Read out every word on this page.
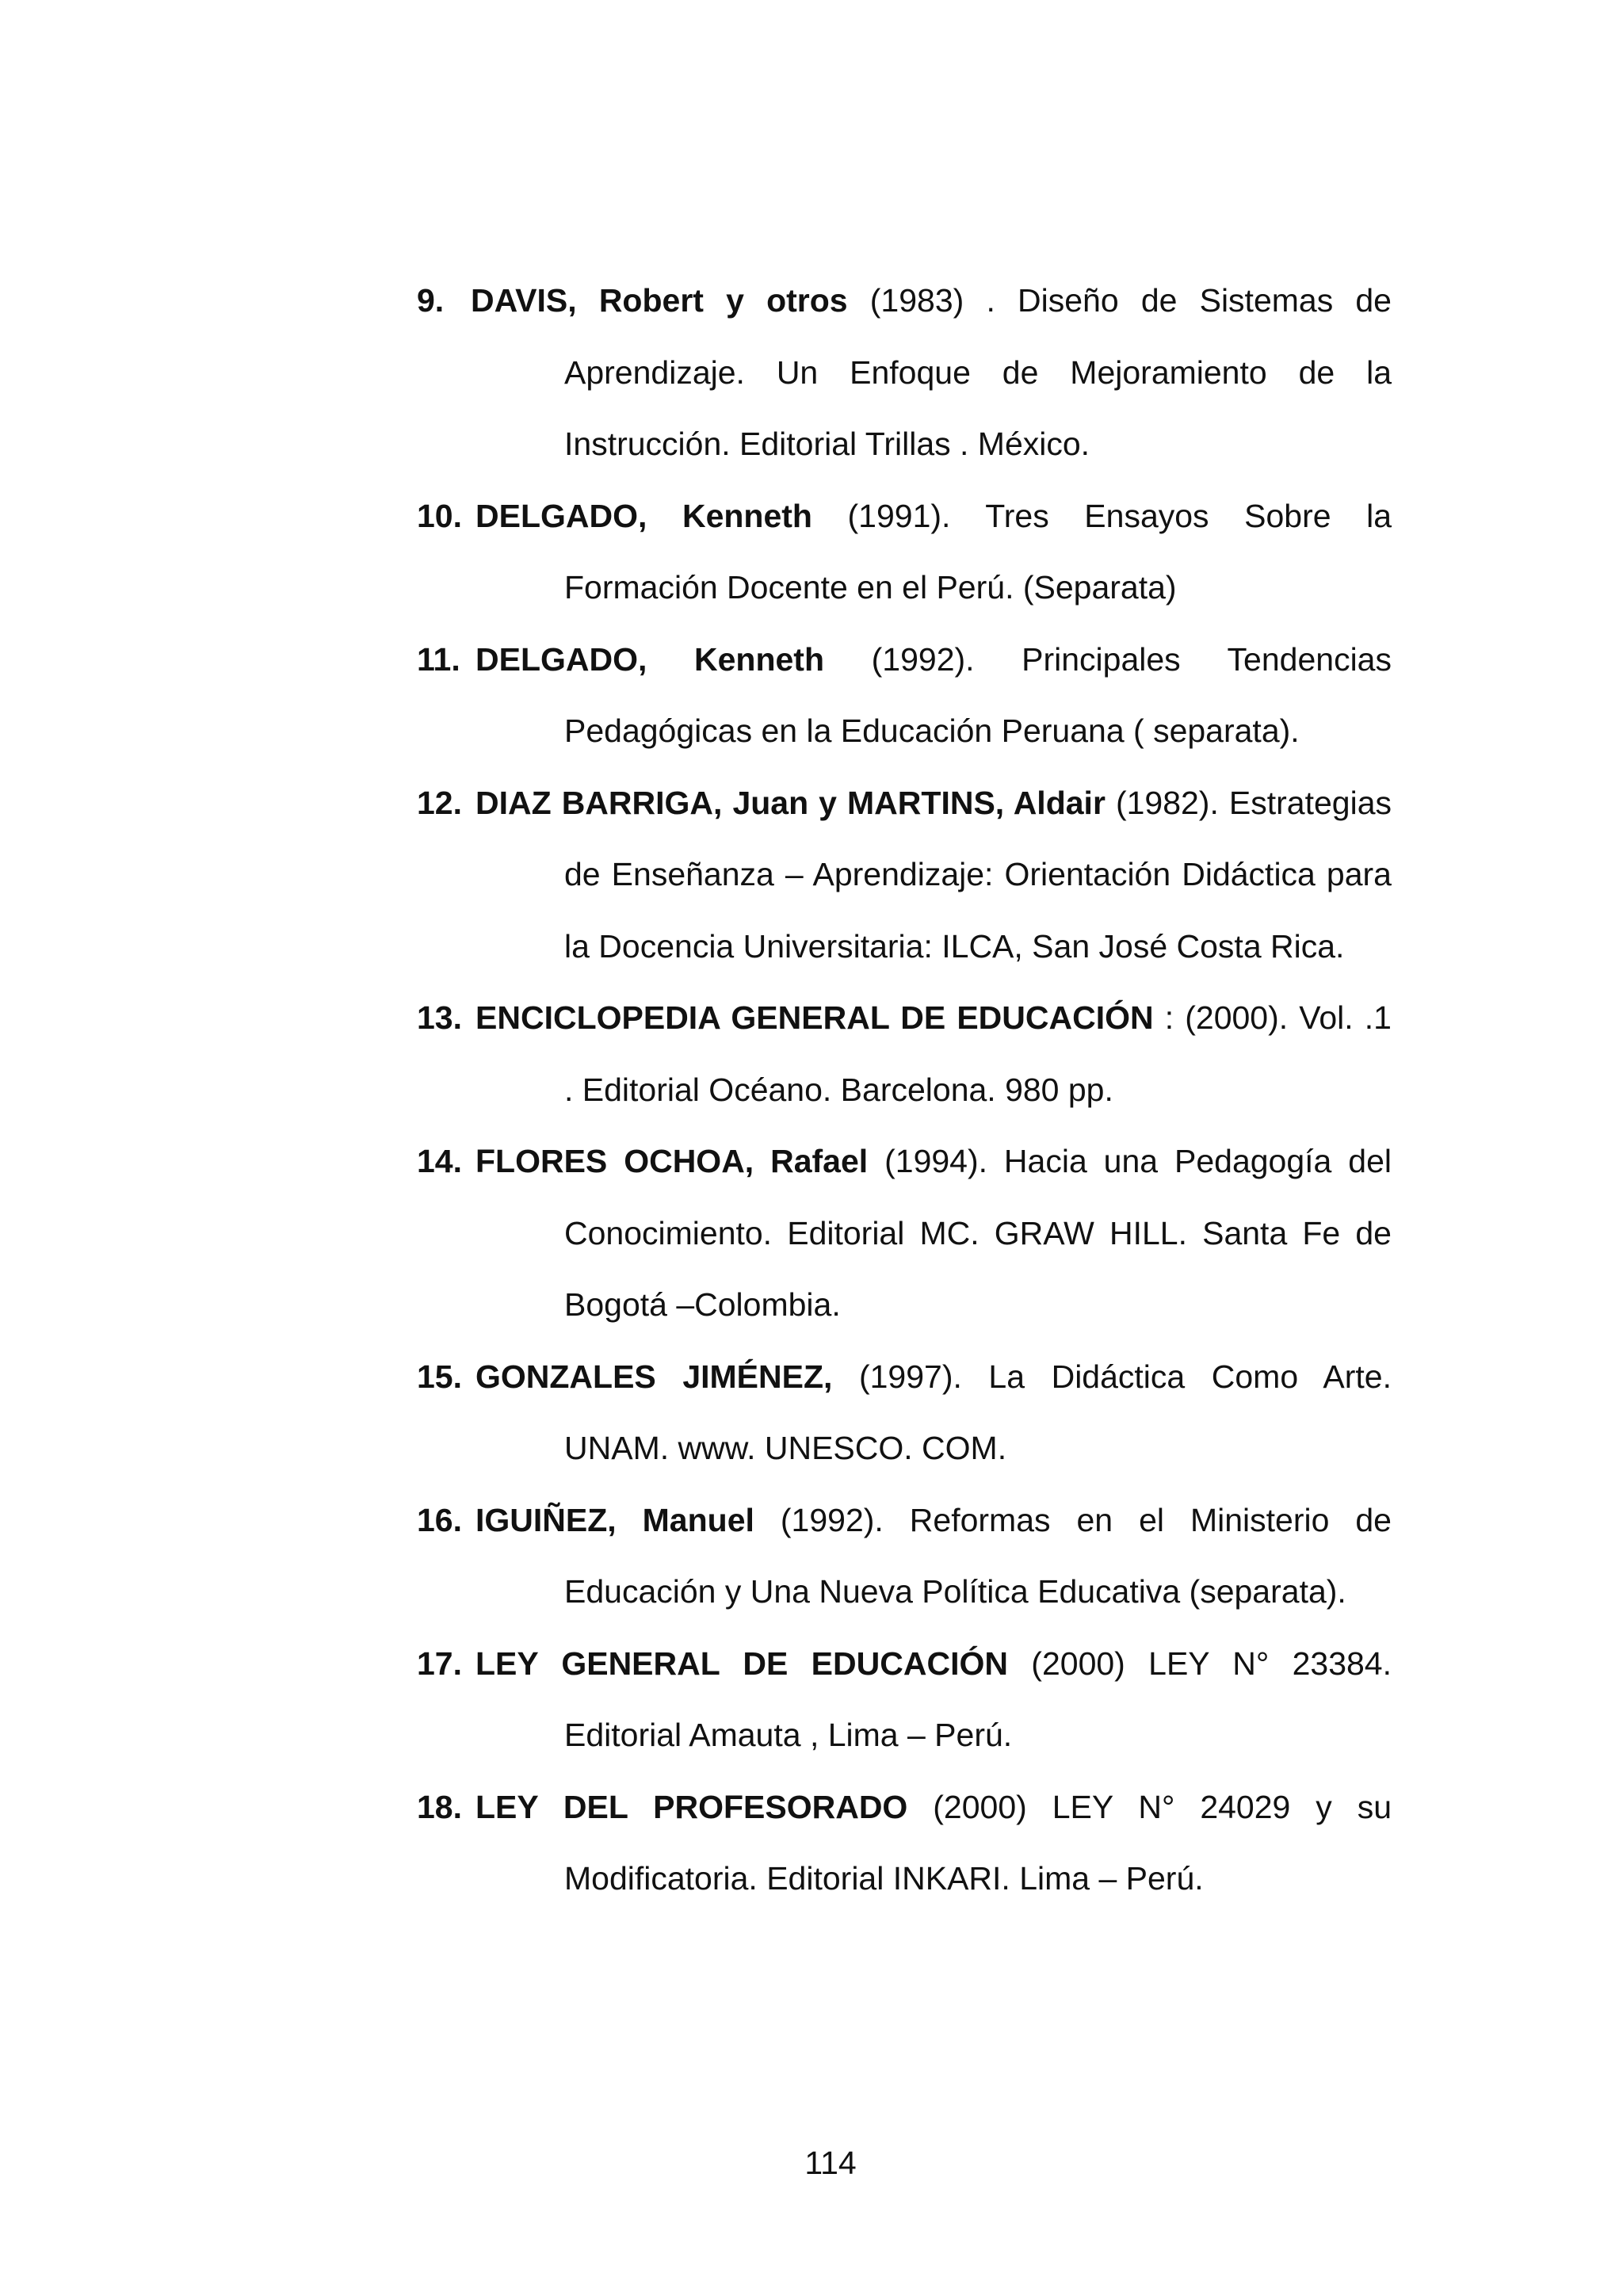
9. DAVIS, Robert y otros (1983) . Diseño de Sistemas de
Aprendizaje. Un Enfoque de Mejoramiento de la Instrucción. Editorial Trillas . México.
10. DELGADO, Kenneth (1991). Tres Ensayos Sobre la
Formación Docente en el Perú. (Separata)
11. DELGADO, Kenneth (1992). Principales Tendencias
Pedagógicas en la Educación Peruana ( separata).
12. DIAZ BARRIGA, Juan y MARTINS, Aldair (1982). Estrategias
de Enseñanza – Aprendizaje: Orientación Didáctica para la Docencia Universitaria: ILCA, San José Costa Rica.
13. ENCICLOPEDIA GENERAL DE EDUCACIÓN : (2000). Vol. .1
. Editorial Océano. Barcelona. 980 pp.
14. FLORES OCHOA, Rafael (1994). Hacia una Pedagogía del
Conocimiento. Editorial MC. GRAW HILL. Santa Fe de Bogotá –Colombia.
15. GONZALES JIMÉNEZ, (1997). La Didáctica Como Arte.
UNAM. www. UNESCO. COM.
16. IGUIÑEZ, Manuel (1992). Reformas en el Ministerio de
Educación y Una Nueva Política Educativa (separata).
17. LEY GENERAL DE EDUCACIÓN (2000) LEY N° 23384.
Editorial Amauta , Lima – Perú.
18. LEY DEL PROFESORADO (2000) LEY N° 24029 y su
Modificatoria. Editorial INKARI. Lima – Perú.
114
